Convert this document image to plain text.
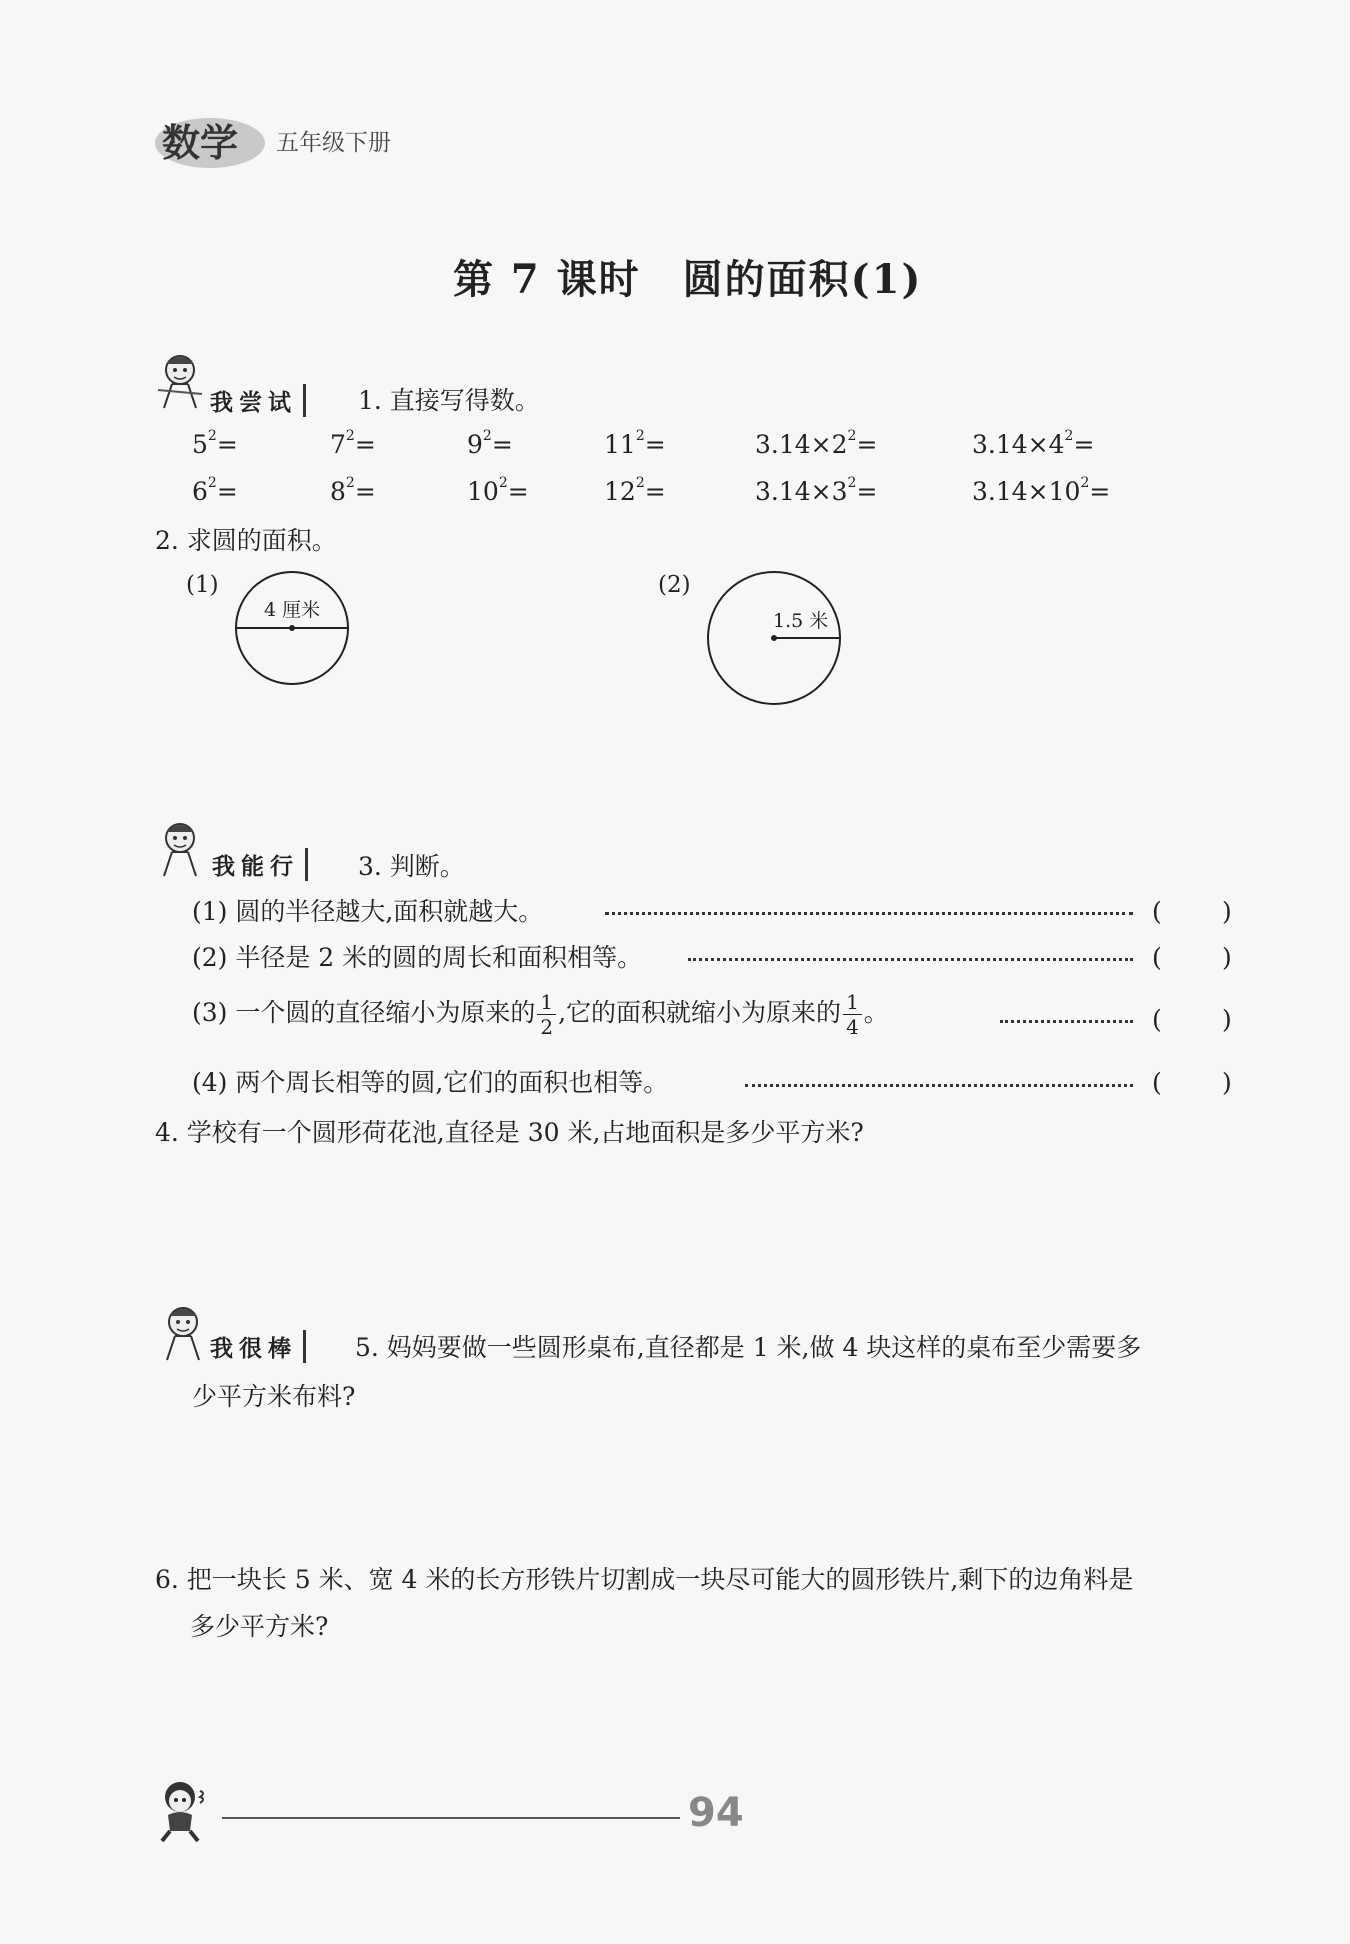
数学 五年级下册
第 7 课时　圆的面积(1)
我尝试	1. 直接写得数。
$5^2=$	$7^2=$	$9^2=$	$11^2=$	$3.14\times 2^2=$	$3.14\times 4^2=$
$6^2=$	$8^2=$	$10^2=$	$12^2=$	$3.14\times 3^2=$	$3.14\times 10^2=$
2. 求圆的面积。
(1)
4 厘米
(2)
1.5 米
我能行	3. 判断。
(1) 圆的半径越大,面积就越大。	( )
(2) 半径是 2 米的圆的周长和面积相等。	( )
(3) 一个圆的直径缩小为原来的 $\frac{1}{2}$ ,它的面积就缩小为原来的 $\frac{1}{4}$ 。	( )
(4) 两个周长相等的圆,它们的面积也相等。	( )
4. 学校有一个圆形荷花池,直径是 30 米,占地面积是多少平方米?
我很棒	5. 妈妈要做一些圆形桌布,直径都是 1 米,做 4 块这样的桌布至少需要多
少平方米布料?
6. 把一块长 5 米、宽 4 米的长方形铁片切割成一块尽可能大的圆形铁片,剩下的边角料是
多少平方米?
94
